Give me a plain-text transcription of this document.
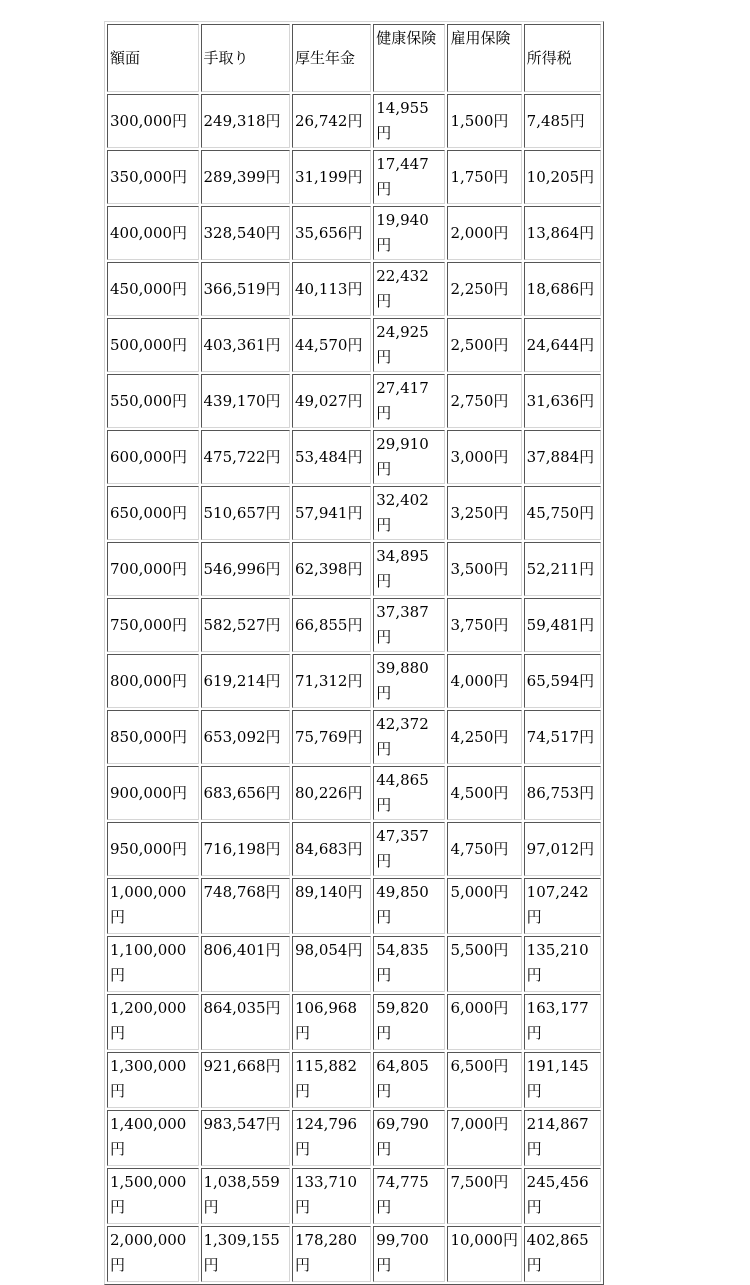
額面	手取り	厚生年金	健康保険	雇用保険	所得税
300,000円	249,318円	26,742円	14,955円	1,500円	7,485円
350,000円	289,399円	31,199円	17,447円	1,750円	10,205円
400,000円	328,540円	35,656円	19,940円	2,000円	13,864円
450,000円	366,519円	40,113円	22,432円	2,250円	18,686円
500,000円	403,361円	44,570円	24,925円	2,500円	24,644円
550,000円	439,170円	49,027円	27,417円	2,750円	31,636円
600,000円	475,722円	53,484円	29,910円	3,000円	37,884円
650,000円	510,657円	57,941円	32,402円	3,250円	45,750円
700,000円	546,996円	62,398円	34,895円	3,500円	52,211円
750,000円	582,527円	66,855円	37,387円	3,750円	59,481円
800,000円	619,214円	71,312円	39,880円	4,000円	65,594円
850,000円	653,092円	75,769円	42,372円	4,250円	74,517円
900,000円	683,656円	80,226円	44,865円	4,500円	86,753円
950,000円	716,198円	84,683円	47,357円	4,750円	97,012円
1,000,000円	748,768円	89,140円	49,850円	5,000円	107,242円
1,100,000円	806,401円	98,054円	54,835円	5,500円	135,210円
1,200,000円	864,035円	106,968円	59,820円	6,000円	163,177円
1,300,000円	921,668円	115,882円	64,805円	6,500円	191,145円
1,400,000円	983,547円	124,796円	69,790円	7,000円	214,867円
1,500,000円	1,038,559円	133,710円	74,775円	7,500円	245,456円
2,000,000円	1,309,155円	178,280円	99,700円	10,000円	402,865円
